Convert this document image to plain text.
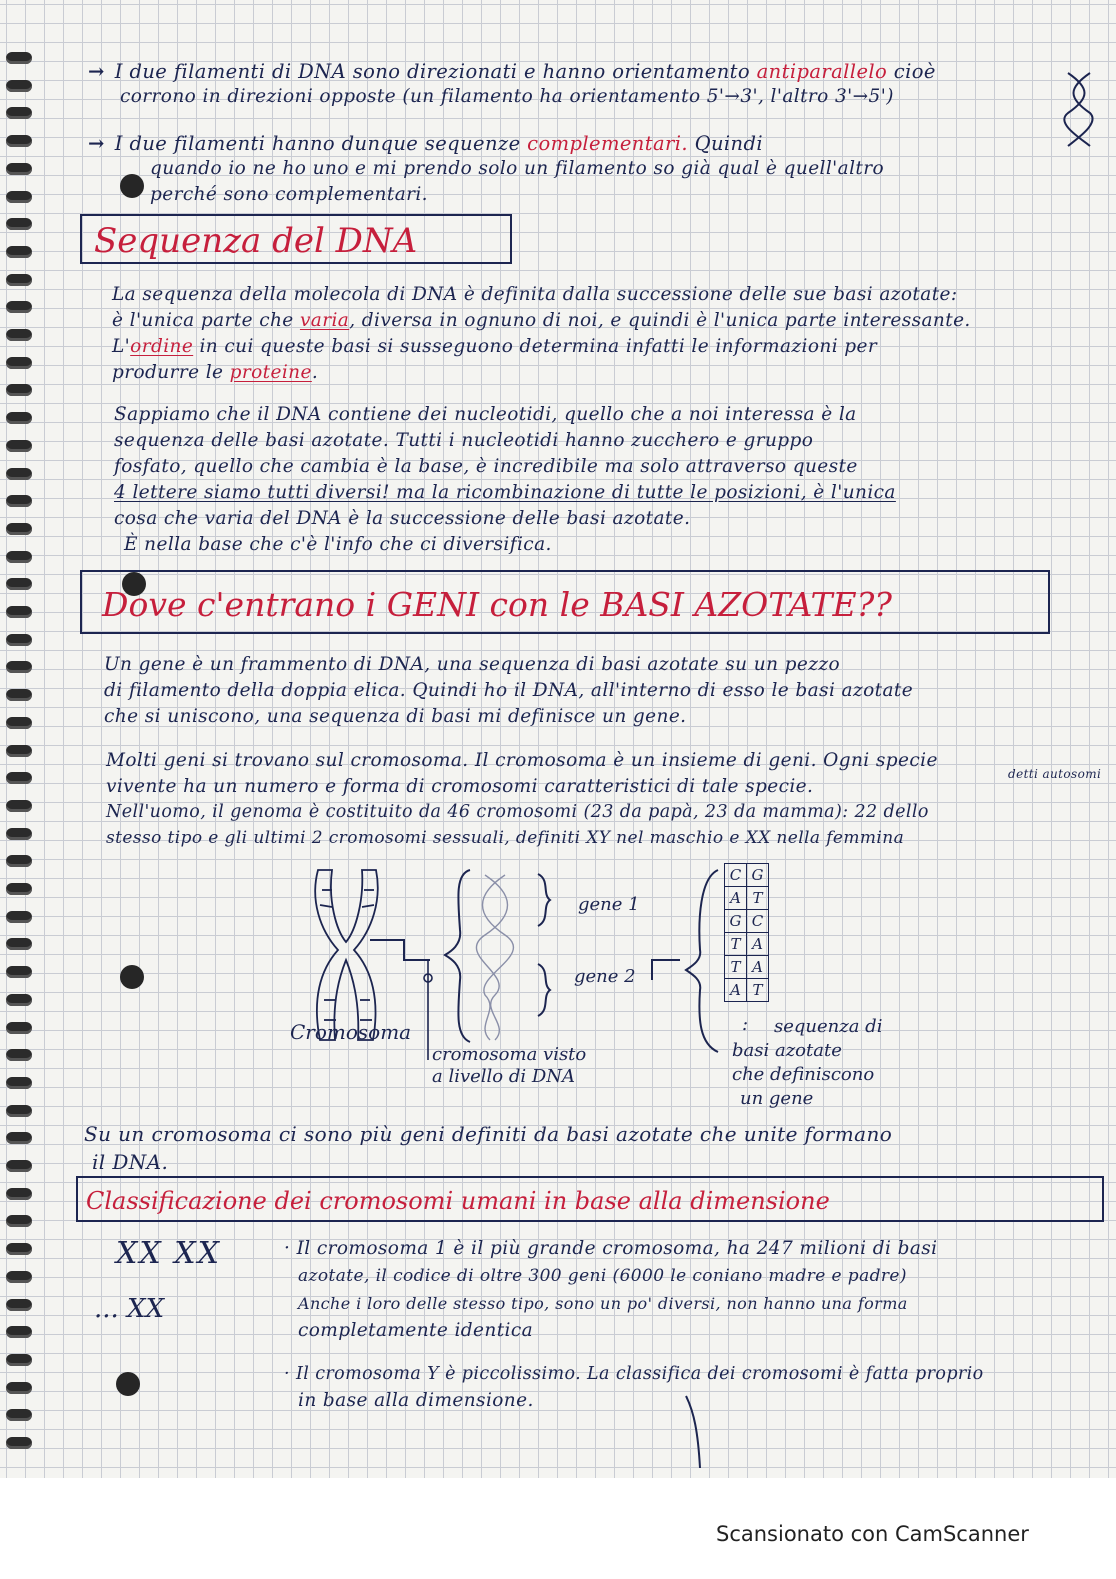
→ I due filamenti di DNA sono direzionati e hanno orientamento antiparallelo cioè
corrono in direzioni opposte (un filamento ha orientamento 5'→3', l'altro 3'→5')
→ I due filamenti hanno dunque sequenze complementari. Quindi
quando io ne ho uno e mi prendo solo un filamento so già qual è quell'altro
perché sono complementari.
Sequenza del DNA
La sequenza della molecola di DNA è definita dalla successione delle sue basi azotate:
è l'unica parte che varia, diversa in ognuno di noi, e quindi è l'unica parte interessante.
L'ordine in cui queste basi si susseguono determina infatti le informazioni per
produrre le proteine.
Sappiamo che il DNA contiene dei nucleotidi, quello che a noi interessa è la
sequenza delle basi azotate. Tutti i nucleotidi hanno zucchero e gruppo
fosfato, quello che cambia è la base, è incredibile ma solo attraverso queste
4 lettere siamo tutti diversi! ma la ricombinazione di tutte le posizioni, è l'unica
cosa che varia del DNA è la successione delle basi azotate.
È nella base che c'è l'info che ci diversifica.
Dove c'entrano i GENI con le BASI AZOTATE??
Un gene è un frammento di DNA, una sequenza di basi azotate su un pezzo
di filamento della doppia elica. Quindi ho il DNA, all'interno di esso le basi azotate
che si uniscono, una sequenza di basi mi definisce un gene.
Molti geni si trovano sul cromosoma. Il cromosoma è un insieme di geni. Ogni specie
vivente ha un numero e forma di cromosomi caratteristici di tale specie.
detti autosomi
Nell'uomo, il genoma è costituito da 46 cromosomi (23 da papà, 23 da mamma): 22 dello
stesso tipo e gli ultimi 2 cromosomi sessuali, definiti XY nel maschio e XX nella femmina
gene 1
gene 2
Cromosoma
cromosoma visto
a livello di DNA
C	G
A	T
G	C
T	A
T	A
A	T
: sequenza di
basi azotate
che definiscono
un gene
Su un cromosoma ci sono più geni definiti da basi azotate che unite formano
il DNA.
Classificazione dei cromosomi umani in base alla dimensione
XX XX
... XX
· Il cromosoma 1 è il più grande cromosoma, ha 247 milioni di basi
azotate, il codice di oltre 300 geni (6000 le coniano madre e padre)
Anche i loro delle stesso tipo, sono un po' diversi, non hanno una forma
completamente identica
· Il cromosoma Y è piccolissimo. La classifica dei cromosomi è fatta proprio
in base alla dimensione.
Scansionato con CamScanner
